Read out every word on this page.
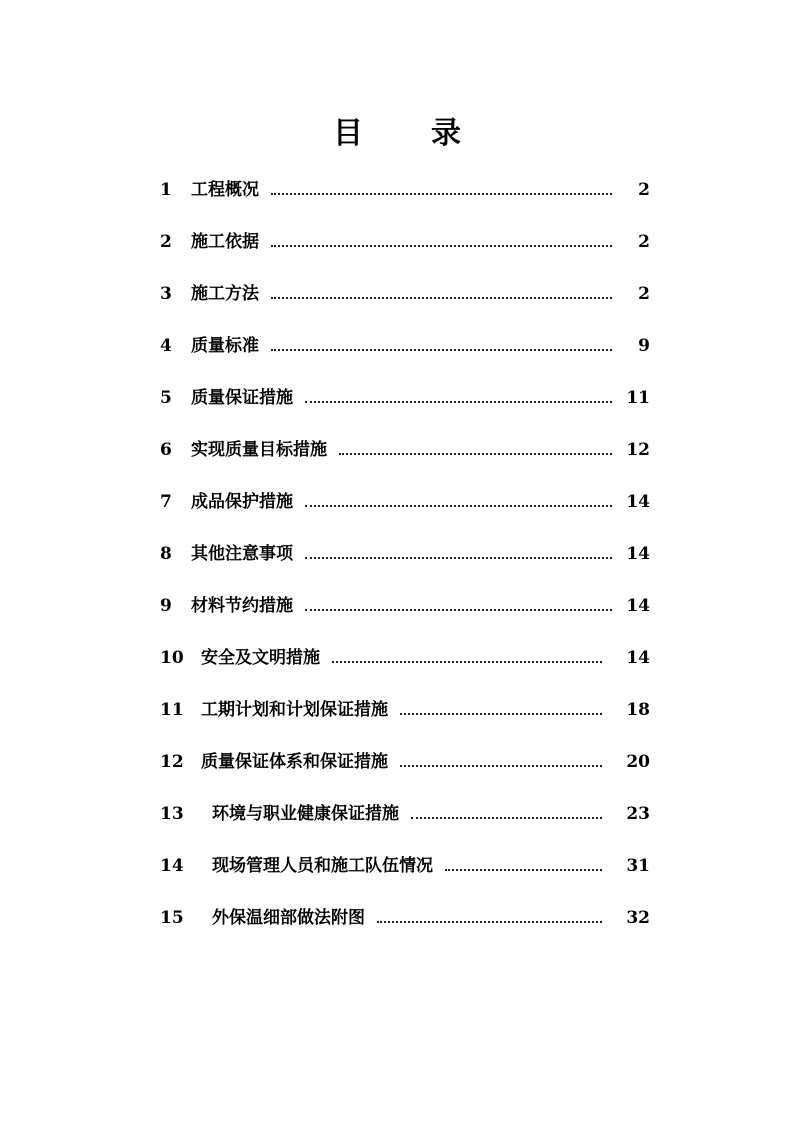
目 录
1 工程概况	2
2 施工依据	2
3 施工方法	2
4 质量标准	9
5 质量保证措施	11
6 实现质量目标措施	12
7 成品保护措施	14
8 其他注意事项	14
9 材料节约措施	14
10 安全及文明措施	14
11 工期计划和计划保证措施	18
12 质量保证体系和保证措施	20
13 环境与职业健康保证措施	23
14 现场管理人员和施工队伍情况	31
15 外保温细部做法附图	32
